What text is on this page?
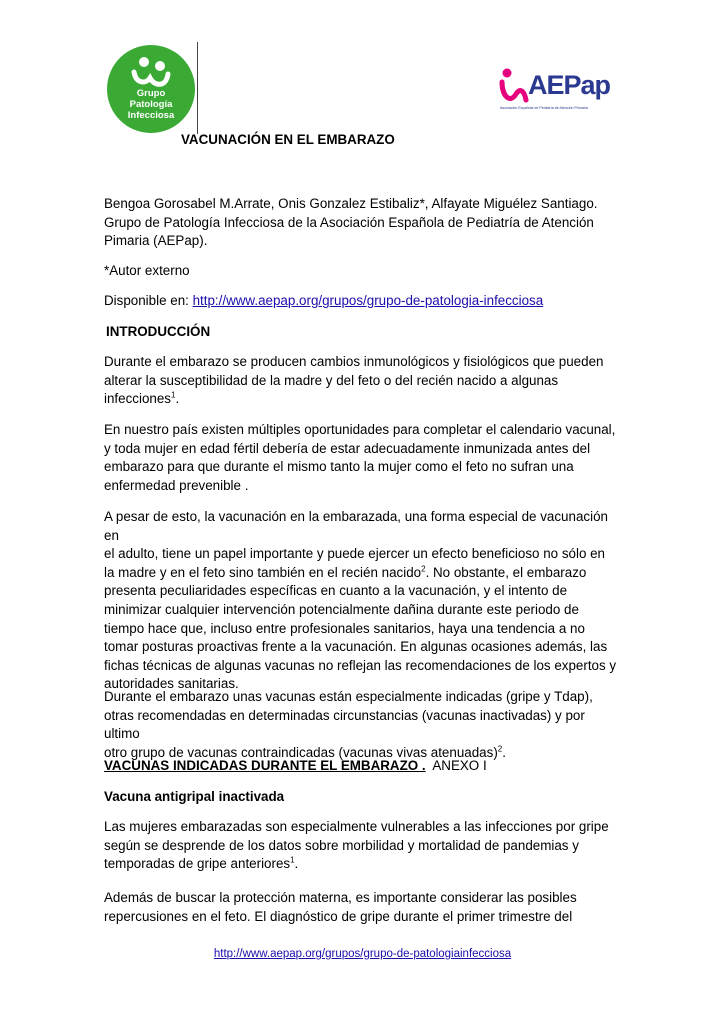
Grupo
Patología
Infecciosa
AEPap
Asociación Española de Pediatría de Atención Primaria
VACUNACIÓN EN EL EMBARAZO
Bengoa Gorosabel M.Arrate, Onis Gonzalez Estibaliz*, Alfayate Miguélez Santiago.
Grupo de Patología Infecciosa de la Asociación Española de Pediatría de Atención
Pimaria (AEPap).
*Autor externo
Disponible en: http://www.aepap.org/grupos/grupo-de-patologia-infecciosa
INTRODUCCIÓN
Durante el embarazo se producen cambios inmunológicos y fisiológicos que pueden
alterar la susceptibilidad de la madre y del feto o del recién nacido a algunas
infecciones$^1$.
En nuestro país existen múltiples oportunidades para completar el calendario vacunal,
y toda mujer en edad fértil debería de estar adecuadamente inmunizada antes del
embarazo para que durante el mismo tanto la mujer como el feto no sufran una
enfermedad prevenible .
A pesar de esto, la vacunación en la embarazada, una forma especial de vacunación en
el adulto, tiene un papel importante y puede ejercer un efecto beneficioso no sólo en
la madre y en el feto sino también en el recién nacido$^2$. No obstante, el embarazo
presenta peculiaridades específicas en cuanto a la vacunación, y el intento de
minimizar cualquier intervención potencialmente dañina durante este periodo de
tiempo hace que, incluso entre profesionales sanitarios, haya una tendencia a no
tomar posturas proactivas frente a la vacunación. En algunas ocasiones además, las
fichas técnicas de algunas vacunas no reflejan las recomendaciones de los expertos y
autoridades sanitarias.
Durante el embarazo unas vacunas están especialmente indicadas (gripe y Tdap),
otras recomendadas en determinadas circunstancias (vacunas inactivadas) y por ultimo
otro grupo de vacunas contraindicadas (vacunas vivas atenuadas)$^2$.
VACUNAS INDICADAS DURANTE EL EMBARAZO .  ANEXO I
Vacuna antigripal inactivada
Las mujeres embarazadas son especialmente vulnerables a las infecciones por gripe
según se desprende de los datos sobre morbilidad y mortalidad de pandemias y
temporadas de gripe anteriores$^1$.
Además de buscar la protección materna, es importante considerar las posibles
repercusiones en el feto. El diagnóstico de gripe durante el primer trimestre del
http://www.aepap.org/grupos/grupo-de-patologiainfecciosa
